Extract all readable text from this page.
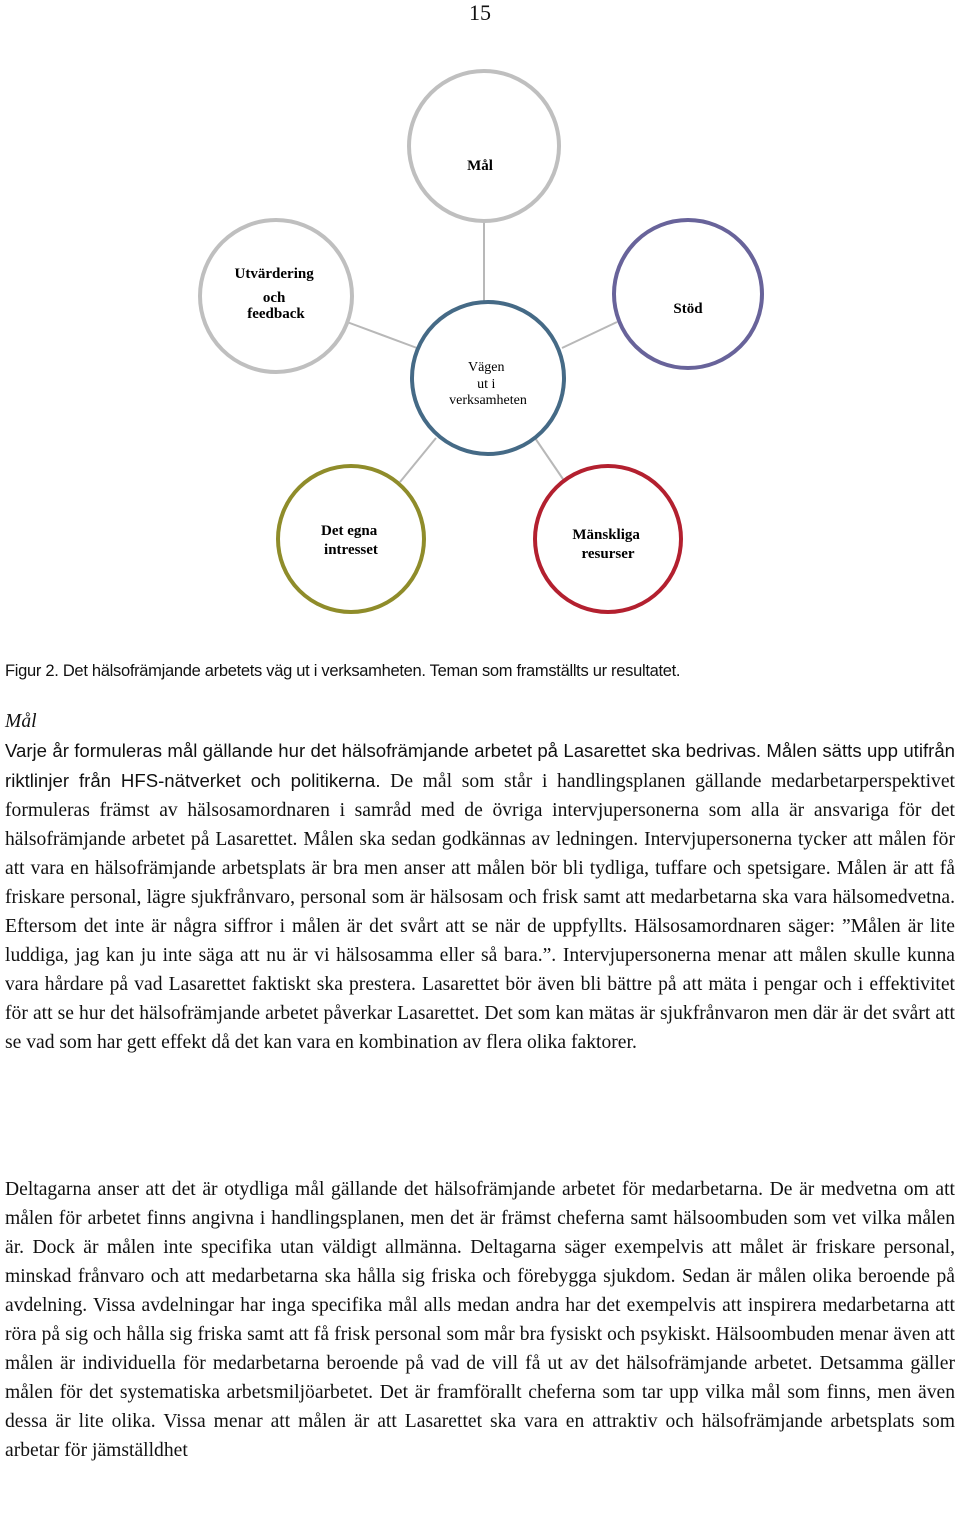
15
Mål
Utvärdering och feedback	Stöd
Vägen ut i verksamheten
Det egna intresset
Mänskliga resurser
Figur 2. Det hälsofrämjande arbetets väg ut i verksamheten. Teman som framställts ur resultatet.
Mål

Varje år formuleras mål gällande hur det hälsofrämjande arbetet på Lasarettet ska bedrivas. Målen sätts upp utifrån riktlinjer från HFS-nätverket och politikerna. De mål som står i handlingsplanen gällande medarbetarperspektivet formuleras främst av hälsosamordnaren i samråd med de övriga intervjupersonerna som alla är ansvariga för det hälsofrämjande arbetet på Lasarettet. Målen ska sedan godkännas av ledningen. Intervjupersonerna tycker att målen för att vara en hälsofrämjande arbetsplats är bra men anser att målen bör bli tydliga, tuffare och spetsigare. Målen är att få friskare personal, lägre sjukfrånvaro, personal som är hälsosam och frisk samt att medarbetarna ska vara hälsomedvetna. Eftersom det inte är några siffror i målen är det svårt att se när de uppfyllts. Hälsosamordnaren säger: ”Målen är lite luddiga, jag kan ju inte säga att nu är vi hälsosamma eller så bara.”. Intervjupersonerna menar att målen skulle kunna vara hårdare på vad Lasarettet faktiskt ska prestera. Lasarettet bör även bli bättre på att mäta i pengar och i effektivitet för att se hur det hälsofrämjande arbetet påverkar Lasarettet. Det som kan mätas är sjukfrånvaron men där är det svårt att se vad som har gett effekt då det kan vara en kombination av flera olika faktorer.

Deltagarna anser att det är otydliga mål gällande det hälsofrämjande arbetet för medarbetarna. De är medvetna om att målen för arbetet finns angivna i handlingsplanen, men det är främst cheferna samt hälsoombuden som vet vilka målen är. Dock är målen inte specifika utan väldigt allmänna. Deltagarna säger exempelvis att målet är friskare personal, minskad frånvaro och att medarbetarna ska hålla sig friska och förebygga sjukdom. Sedan är målen olika beroende på avdelning. Vissa avdelningar har inga specifika mål alls medan andra har det exempelvis att inspirera medarbetarna att röra på sig och hålla sig friska samt att få frisk personal som mår bra fysiskt och psykiskt. Hälsoombuden menar även att målen är individuella för medarbetarna beroende på vad de vill få ut av det hälsofrämjande arbetet. Detsamma gäller målen för det systematiska arbetsmiljöarbetet. Det är framförallt cheferna som tar upp vilka mål som finns, men även dessa är lite olika. Vissa menar att målen är att Lasarettet ska vara en attraktiv och hälsofrämjande arbetsplats som arbetar för jämställdhet
